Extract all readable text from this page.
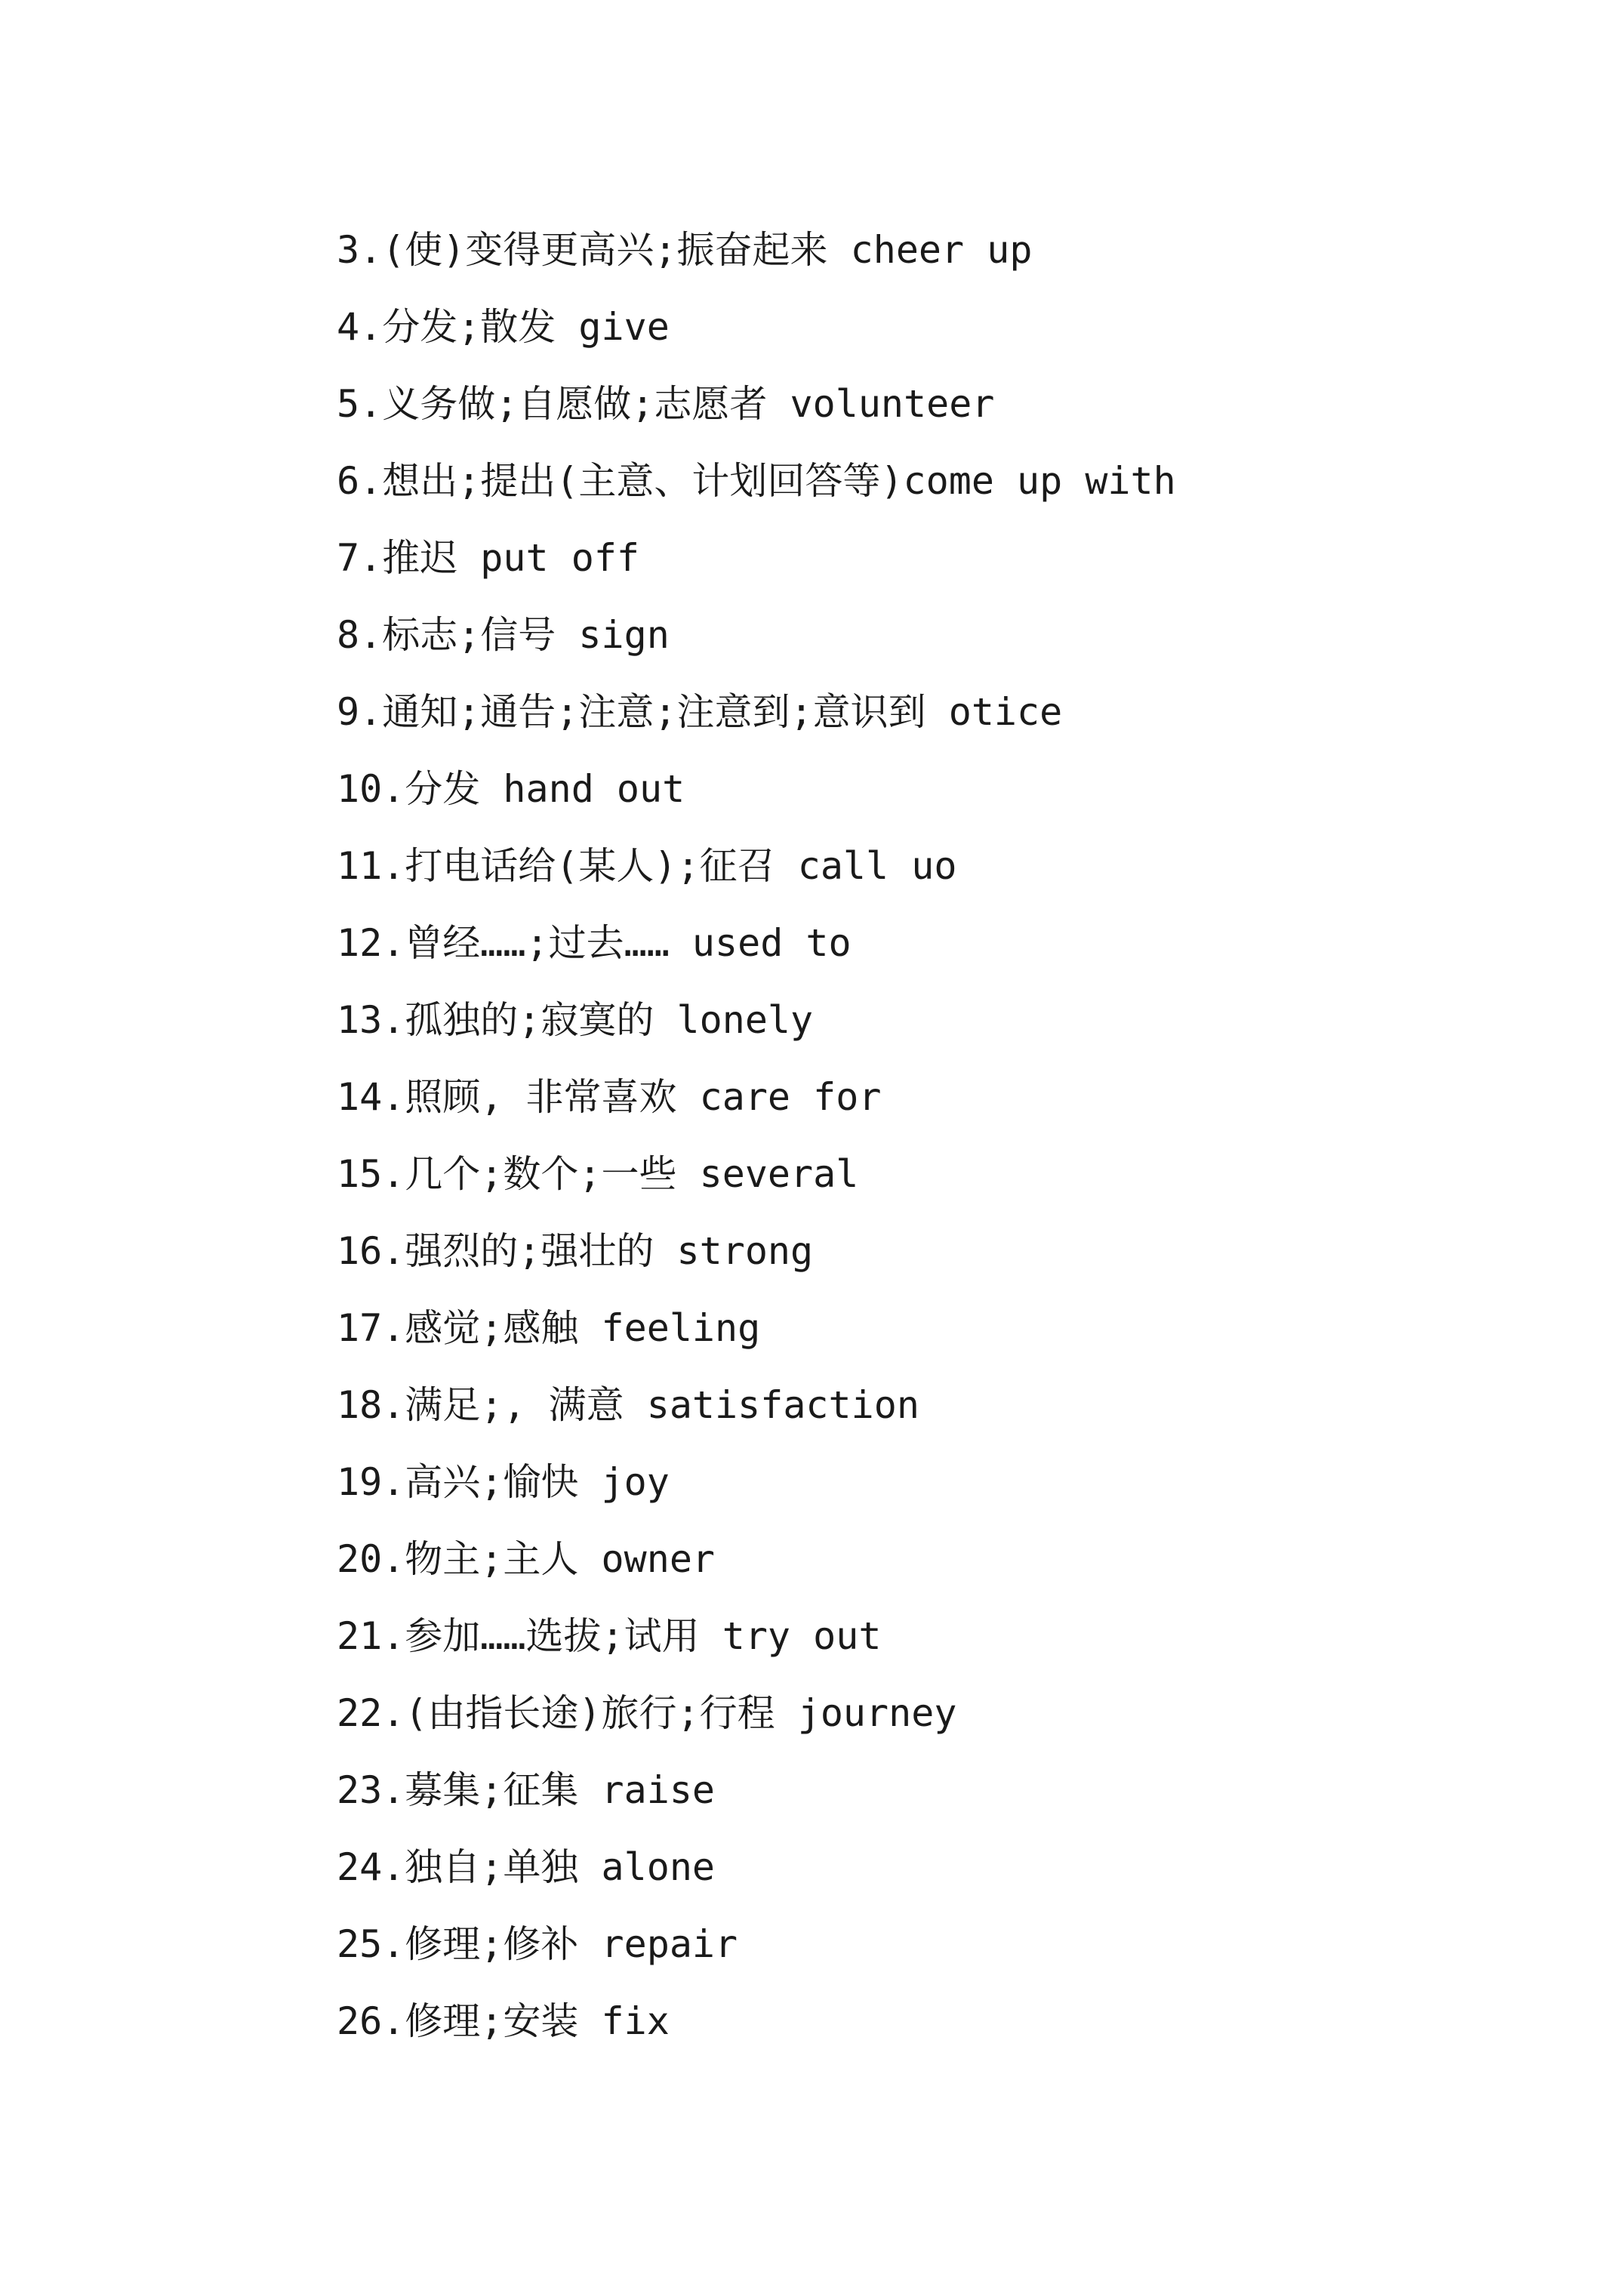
3.(使)变得更高兴;振奋起来 cheer up
4.分发;散发 give
5.义务做;自愿做;志愿者 volunteer
6.想出;提出(主意、计划回答等)come up with
7.推迟 put off
8.标志;信号 sign
9.通知;通告;注意;注意到;意识到 otice
10.分发 hand out
11.打电话给(某人);征召 call uo
12.曾经……;过去…… used to
13.孤独的;寂寞的 lonely
14.照顾, 非常喜欢 care for
15.几个;数个;一些 several
16.强烈的;强壮的 strong
17.感觉;感触 feeling
18.满足;, 满意 satisfaction
19.高兴;愉快 joy
20.物主;主人 owner
21.参加……选拔;试用 try out
22.(由指长途)旅行;行程 journey
23.募集;征集 raise
24.独自;单独 alone
25.修理;修补 repair
26.修理;安装 fix
